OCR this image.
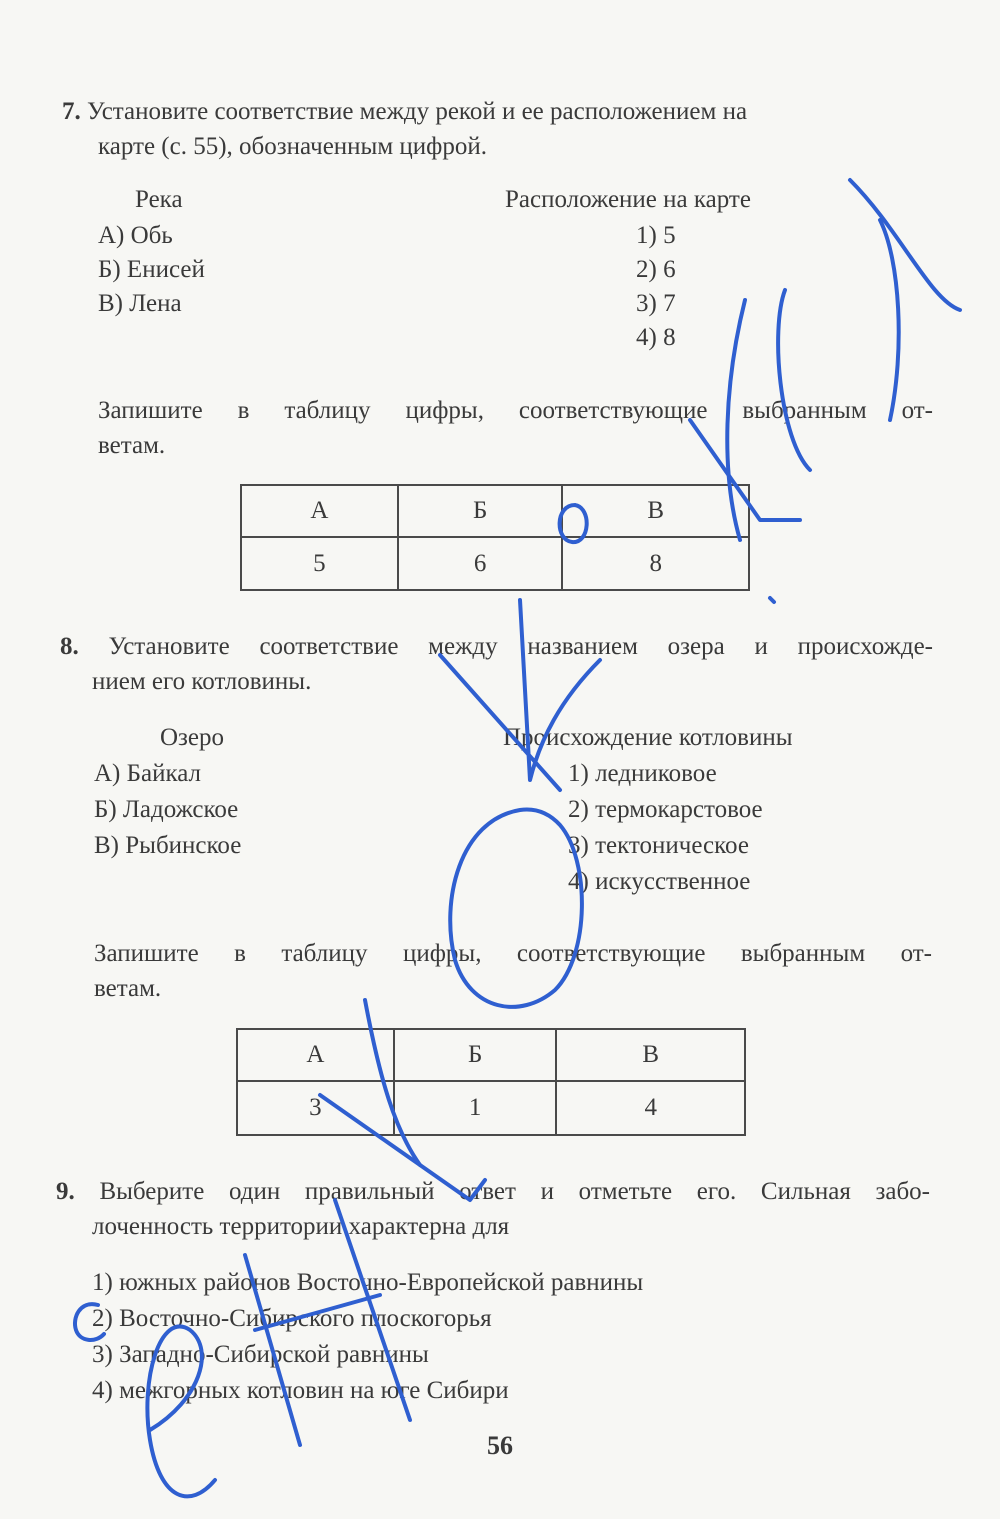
7. Установите соответствие между рекой и ее расположением на
карте (с. 55), обозначенным цифрой.
Река	Расположение на карте
А) Обь
Б) Енисей
В) Лена
1) 5
2) 6
3) 7
4) 8
Запишите в таблицу цифры, соответствующие выбранным от-
ветам.
А	Б	В
5	6	8
8. Установите соответствие между названием озера и происхожде-
нием его котловины.
Озеро	Происхождение котловины
А) Байкал
Б) Ладожское
В) Рыбинское
1) ледниковое
2) термокарстовое
3) тектоническое
4) искусственное
Запишите в таблицу цифры, соответствующие выбранным от-
ветам.
А	Б	В
3	1	4
9. Выберите один правильный ответ и отметьте его. Сильная забо-
лоченность территории характерна для
1) южных районов Восточно-Европейской равнины
2) Восточно-Сибирского плоскогорья
3) Западно-Сибирской равнины
4) межгорных котловин на юге Сибири
56
